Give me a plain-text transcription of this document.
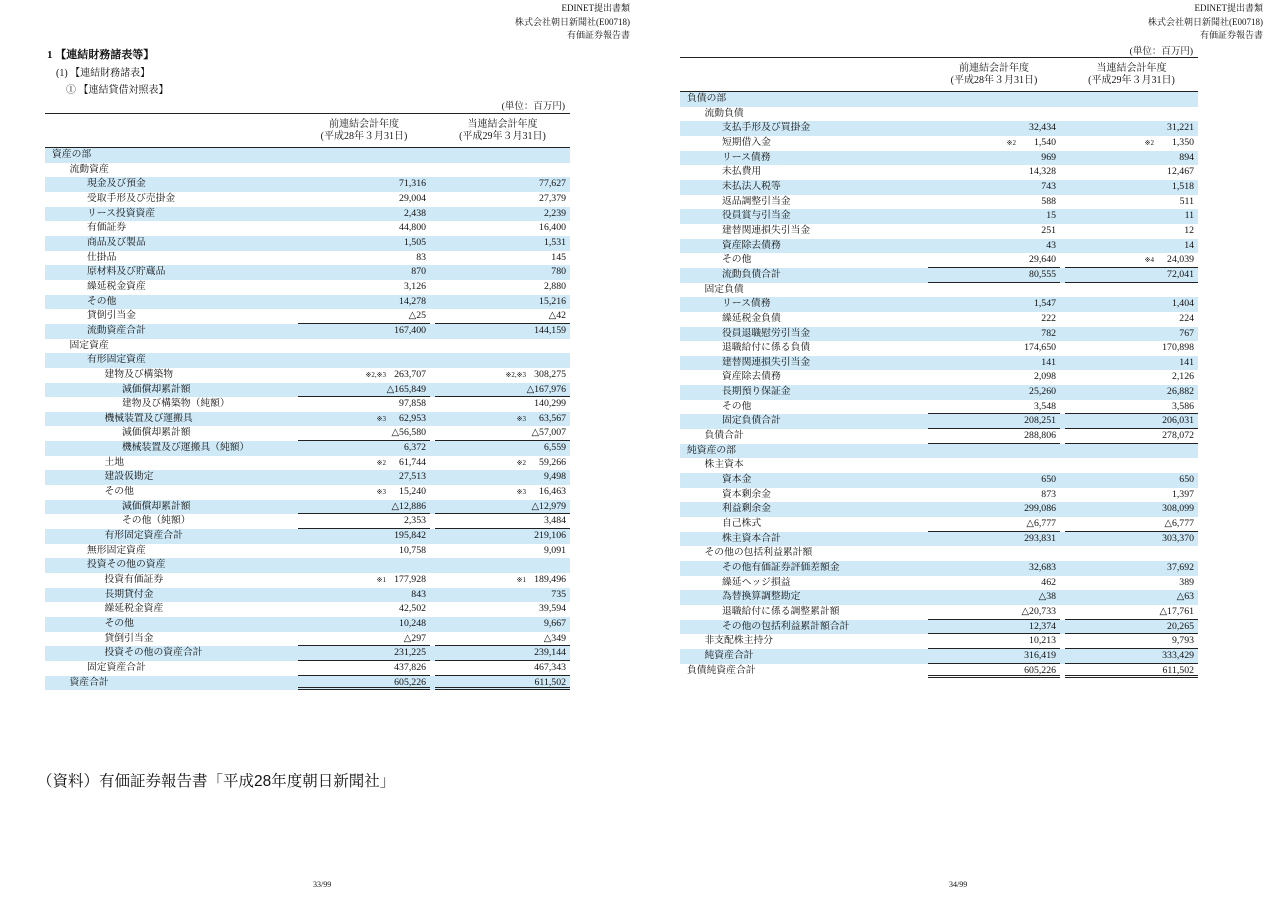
EDINET提出書類
株式会社朝日新聞社(E00718)
有価証券報告書
1 【連結財務諸表等】
(1) 【連結財務諸表】
① 【連結貸借対照表】
(単位：百万円)
前連結会計年度
(平成28年３月31日)
当連結会計年度
(平成29年３月31日)
資産の部
流動資産
現金及び預金	71,316	77,627
受取手形及び売掛金	29,004	27,379
リース投資資産	2,438	2,239
有価証券	44,800	16,400
商品及び製品	1,505	1,531
仕掛品	83	145
原材料及び貯蔵品	870	780
繰延税金資産	3,126	2,880
その他	14,278	15,216
貸倒引当金	△25	△42
流動資産合計	167,400	144,159
固定資産
有形固定資産
建物及び構築物	※2,※3 263,707	※2,※3 308,275
減価償却累計額	△165,849	△167,976
建物及び構築物（純額）	97,858	140,299
機械装置及び運搬具	※3 62,953	※3 63,567
減価償却累計額	△56,580	△57,007
機械装置及び運搬具（純額）	6,372	6,559
土地	※2 61,744	※2 59,266
建設仮勘定	27,513	9,498
その他	※3 15,240	※3 16,463
減価償却累計額	△12,886	△12,979
その他（純額）	2,353	3,484
有形固定資産合計	195,842	219,106
無形固定資産	10,758	9,091
投資その他の資産
投資有価証券	※1 177,928	※1 189,496
長期貸付金	843	735
繰延税金資産	42,502	39,594
その他	10,248	9,667
貸倒引当金	△297	△349
投資その他の資産合計	231,225	239,144
固定資産合計	437,826	467,343
資産合計	605,226	611,502
（資料）有価証券報告書「平成28年度朝日新聞社」
33/99
EDINET提出書類
株式会社朝日新聞社(E00718)
有価証券報告書
(単位：百万円)
前連結会計年度
(平成28年３月31日)
当連結会計年度
(平成29年３月31日)
負債の部
流動負債
支払手形及び買掛金	32,434	31,221
短期借入金	※2 1,540	※2 1,350
リース債務	969	894
未払費用	14,328	12,467
未払法人税等	743	1,518
返品調整引当金	588	511
役員賞与引当金	15	11
建替関連損失引当金	251	12
資産除去債務	43	14
その他	29,640	※4 24,039
流動負債合計	80,555	72,041
固定負債
リース債務	1,547	1,404
繰延税金負債	222	224
役員退職慰労引当金	782	767
退職給付に係る負債	174,650	170,898
建替関連損失引当金	141	141
資産除去債務	2,098	2,126
長期預り保証金	25,260	26,882
その他	3,548	3,586
固定負債合計	208,251	206,031
負債合計	288,806	278,072
純資産の部
株主資本
資本金	650	650
資本剰余金	873	1,397
利益剰余金	299,086	308,099
自己株式	△6,777	△6,777
株主資本合計	293,831	303,370
その他の包括利益累計額
その他有価証券評価差額金	32,683	37,692
繰延ヘッジ損益	462	389
為替換算調整勘定	△38	△63
退職給付に係る調整累計額	△20,733	△17,761
その他の包括利益累計額合計	12,374	20,265
非支配株主持分	10,213	9,793
純資産合計	316,419	333,429
負債純資産合計	605,226	611,502
34/99
